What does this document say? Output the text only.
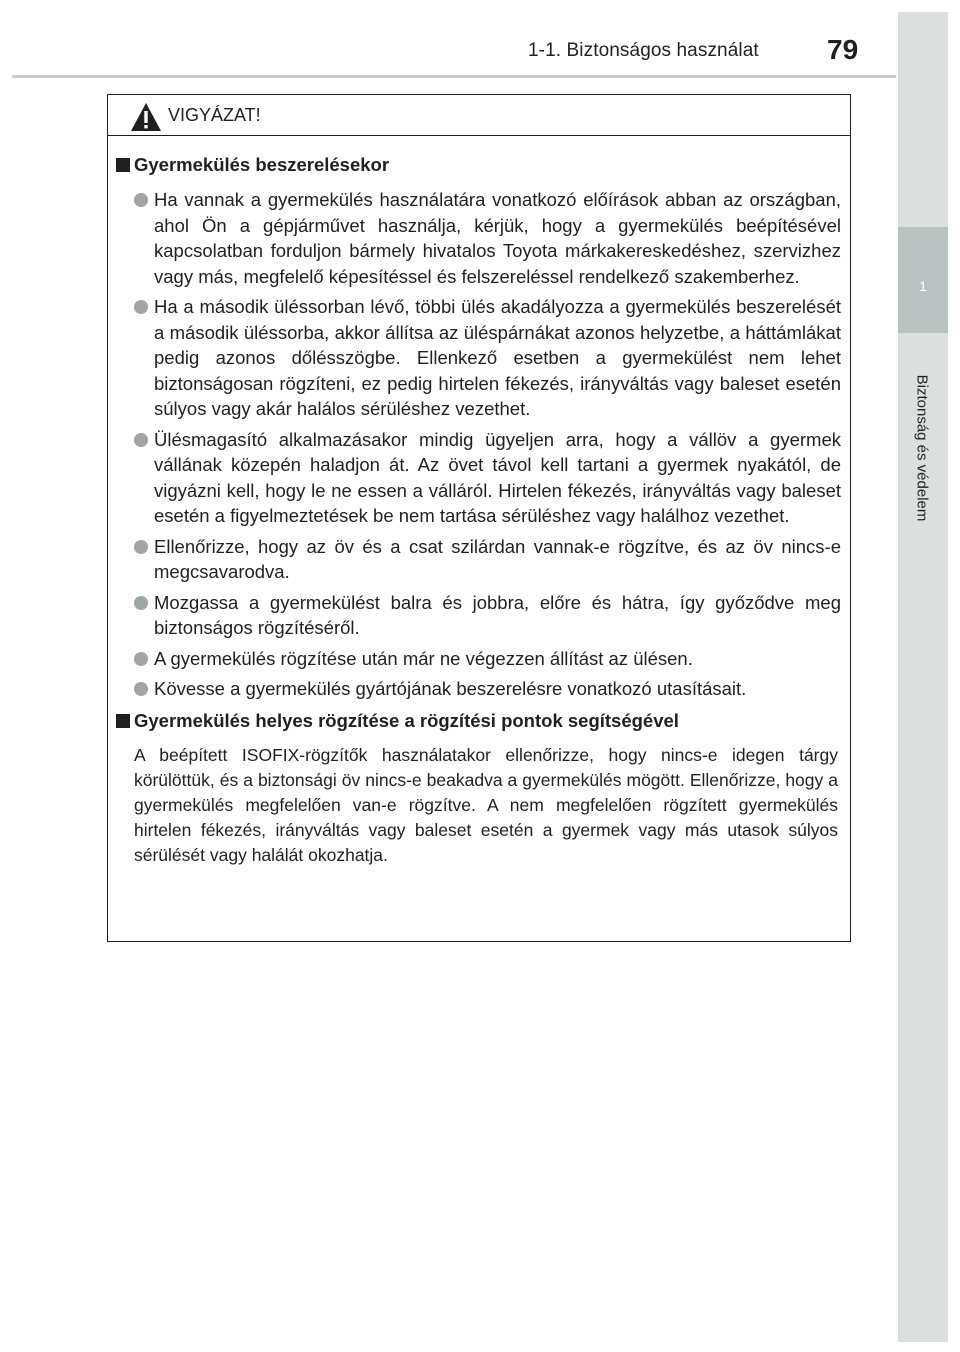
1-1. Biztonságos használat 79
1
Biztonság és védelem
VIGYÁZAT!
Gyermekülés beszerelésekor
Ha vannak a gyermekülés használatára vonatkozó előírások abban az országban, ahol Ön a gépjárművet használja, kérjük, hogy a gyermekülés beépítésével kapcsolatban forduljon bármely hivatalos Toyota márkakereskedéshez, szervizhez vagy más, megfelelő képesítéssel és felszereléssel rendelkező szakemberhez.
Ha a második üléssorban lévő, többi ülés akadályozza a gyermekülés beszerelését a második üléssorba, akkor állítsa az üléspárnákat azonos helyzetbe, a háttámlákat pedig azonos dőlésszögbe. Ellenkező esetben a gyermekülést nem lehet biztonságosan rögzíteni, ez pedig hirtelen fékezés, irányváltás vagy baleset esetén súlyos vagy akár halálos sérüléshez vezethet.
Ülésmagasító alkalmazásakor mindig ügyeljen arra, hogy a vállöv a gyermek vállának közepén haladjon át. Az övet távol kell tartani a gyermek nyakától, de vigyázni kell, hogy le ne essen a válláról. Hirtelen fékezés, irányváltás vagy baleset esetén a figyelmeztetések be nem tartása sérüléshez vagy halálhoz vezethet.
Ellenőrizze, hogy az öv és a csat szilárdan vannak-e rögzítve, és az öv nincs-e megcsavarodva.
Mozgassa a gyermekülést balra és jobbra, előre és hátra, így győződve meg biztonságos rögzítéséről.
A gyermekülés rögzítése után már ne végezzen állítást az ülésen.
Kövesse a gyermekülés gyártójának beszerelésre vonatkozó utasításait.
Gyermekülés helyes rögzítése a rögzítési pontok segítségével
A beépített ISOFIX-rögzítők használatakor ellenőrizze, hogy nincs-e idegen tárgy körülöttük, és a biztonsági öv nincs-e beakadva a gyermekülés mögött. Ellenőrizze, hogy a gyermekülés megfelelően van-e rögzítve. A nem megfelelően rögzített gyermekülés hirtelen fékezés, irányváltás vagy baleset esetén a gyermek vagy más utasok súlyos sérülését vagy halálát okozhatja.
